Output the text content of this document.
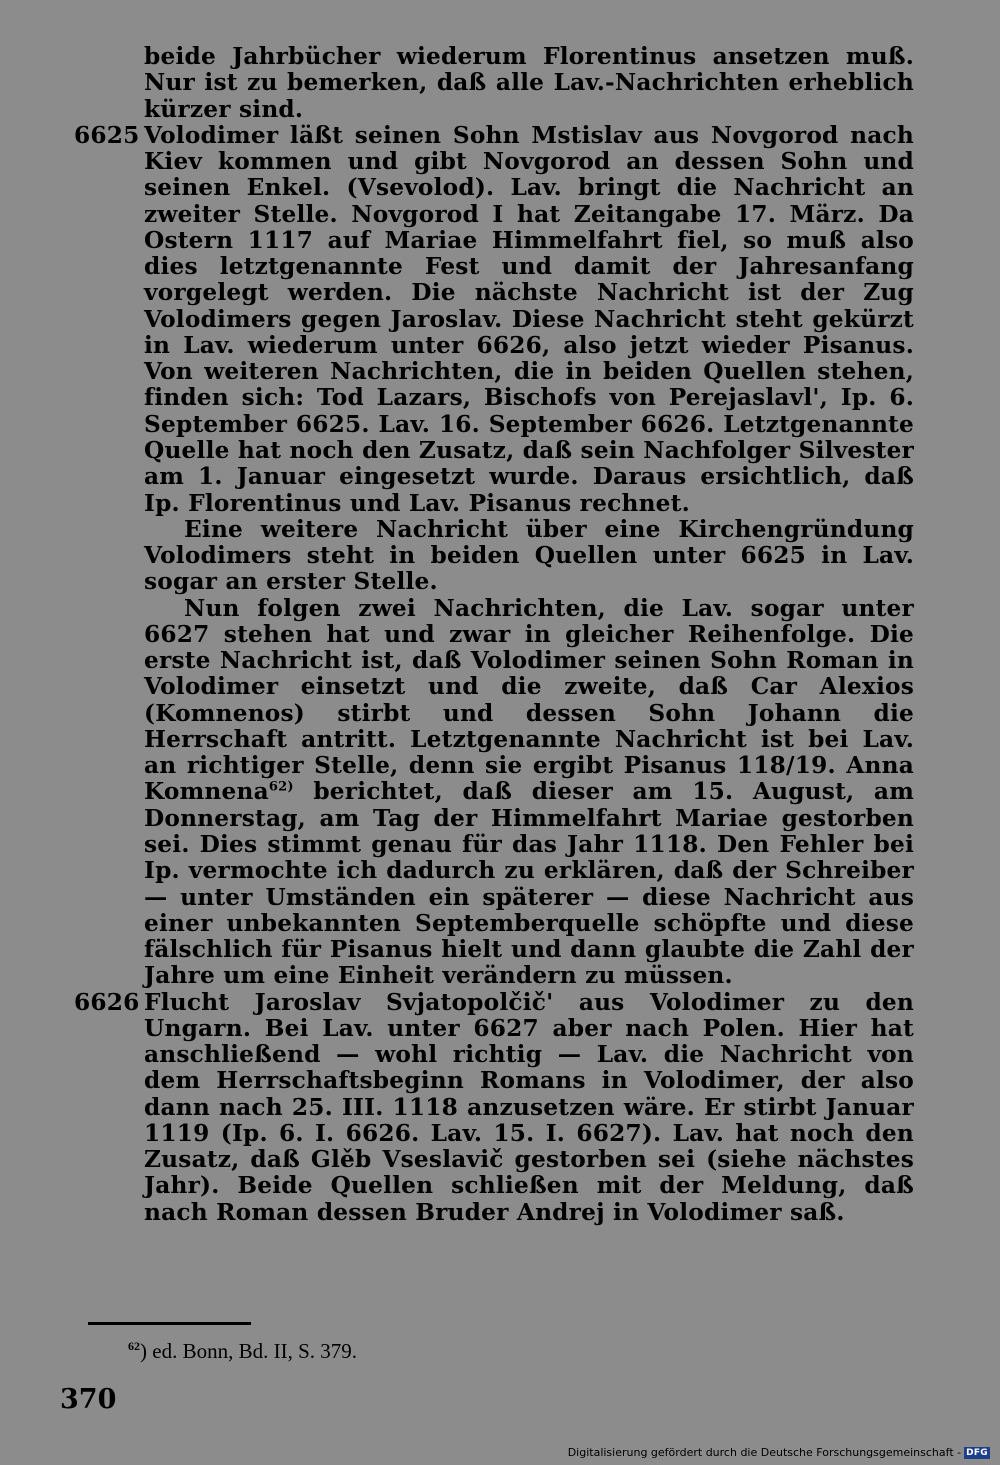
beide Jahrbücher wiederum Florentinus ansetzen muß. Nur ist zu bemerken, daß alle Lav.-Nachrichten erheblich kürzer sind.

6625 Volodimer läßt seinen Sohn Mstislav aus Novgorod nach Kiev kommen und gibt Novgorod an dessen Sohn und seinen Enkel. (Vsevolod). Lav. bringt die Nachricht an zweiter Stelle. Novgorod I hat Zeitangabe 17. März. Da Ostern 1117 auf Mariae Himmelfahrt fiel, so muß also dies letztgenannte Fest und damit der Jahresanfang vorgelegt werden. Die nächste Nachricht ist der Zug Volodimers gegen Jaroslav. Diese Nachricht steht gekürzt in Lav. wiederum unter 6626, also jetzt wieder Pisanus. Von weiteren Nachrichten, die in beiden Quellen stehen, finden sich: Tod Lazars, Bischofs von Perejaslavl', Ip. 6. September 6625. Lav. 16. September 6626. Letztgenannte Quelle hat noch den Zusatz, daß sein Nachfolger Silvester am 1. Januar eingesetzt wurde. Daraus ersichtlich, daß Ip. Florentinus und Lav. Pisanus rechnet.

Eine weitere Nachricht über eine Kirchengründung Volodimers steht in beiden Quellen unter 6625 in Lav. sogar an erster Stelle.

Nun folgen zwei Nachrichten, die Lav. sogar unter 6627 stehen hat und zwar in gleicher Reihenfolge. Die erste Nachricht ist, daß Volodimer seinen Sohn Roman in Volodimer einsetzt und die zweite, daß Car Alexios (Komnenos) stirbt und dessen Sohn Johann die Herrschaft antritt. Letztgenannte Nachricht ist bei Lav. an richtiger Stelle, denn sie ergibt Pisanus 118/19. Anna Komnena$^{62)}$ berichtet, daß dieser am 15. August, am Donnerstag, am Tag der Himmelfahrt Mariae gestorben sei. Dies stimmt genau für das Jahr 1118. Den Fehler bei Ip. vermochte ich dadurch zu erklären, daß der Schreiber — unter Umständen ein späterer — diese Nachricht aus einer unbekannten Septemberquelle schöpfte und diese fälschlich für Pisanus hielt und dann glaubte die Zahl der Jahre um eine Einheit verändern zu müssen.

6626 Flucht Jaroslav Svjatopolčič' aus Volodimer zu den Ungarn. Bei Lav. unter 6627 aber nach Polen. Hier hat anschließend — wohl richtig — Lav. die Nachricht von dem Herrschaftsbeginn Romans in Volodimer, der also dann nach 25. III. 1118 anzusetzen wäre. Er stirbt Januar 1119 (Ip. 6. I. 6626. Lav. 15. I. 6627). Lav. hat noch den Zusatz, daß Glěb Vseslavič gestorben sei (siehe nächstes Jahr). Beide Quellen schließen mit der Meldung, daß nach Roman dessen Bruder Andrej in Volodimer saß.

$^{62}$) ed. Bonn, Bd. II, S. 379.
370
Digitalisierung gefördert durch die Deutsche Forschungsgemeinschaft - DFG
